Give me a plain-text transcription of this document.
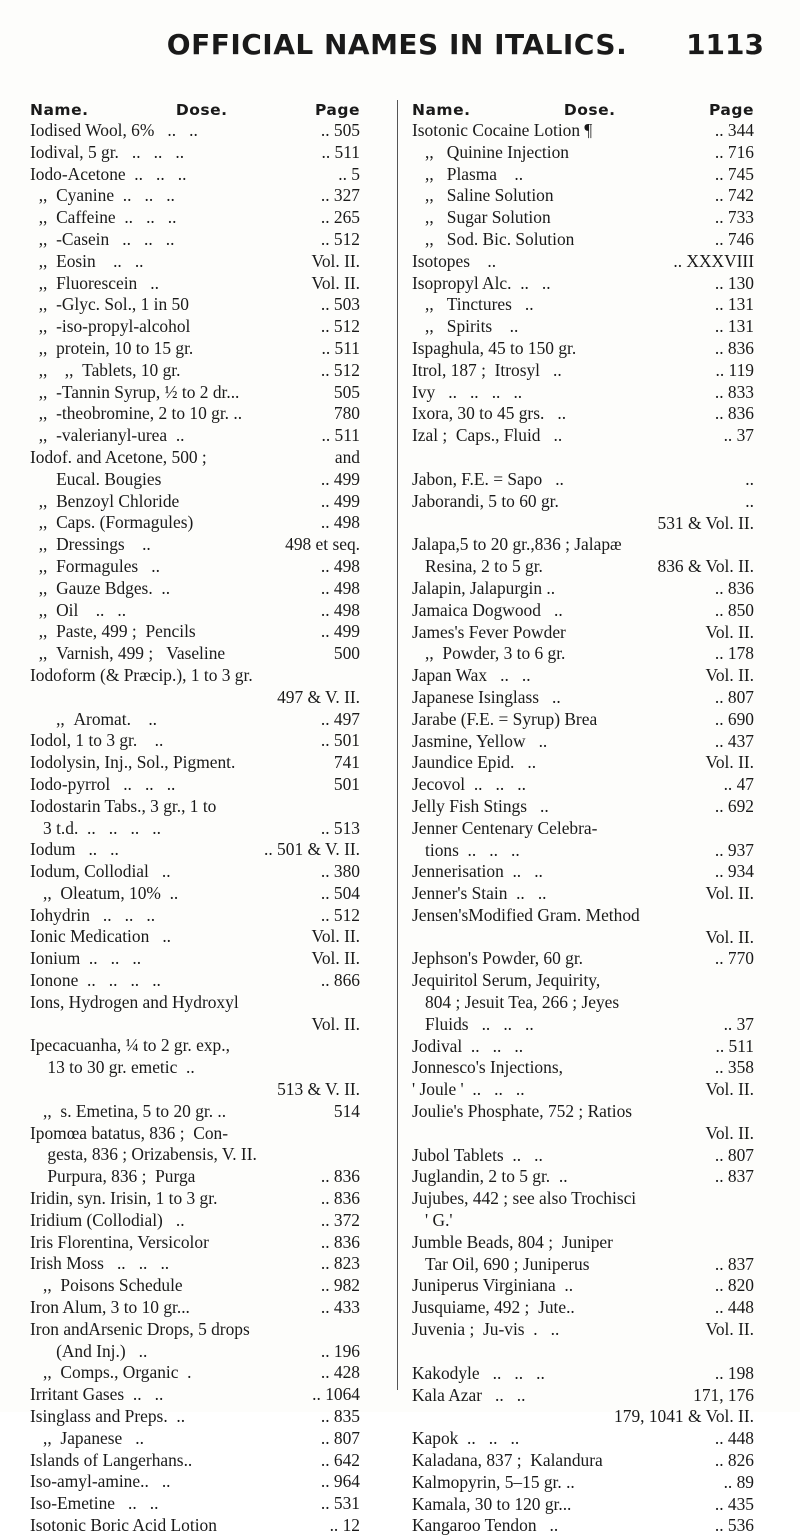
OFFICIAL NAMES IN ITALICS.	1113
Name.	Dose.	Page
Iodised Wool, 6%   ..   ..	.. 505
Iodival, 5 gr.   ..   ..   ..	.. 511
Iodo-Acetone  ..   ..   ..	.. 5
,,  Cyanine  ..   ..   ..	.. 327
,,  Caffeine  ..   ..   ..	.. 265
,,  -Casein   ..   ..   ..	.. 512
,,  Eosin    ..   ..	Vol. II.
,,  Fluorescein   ..	Vol. II.
,,  -Glyc. Sol., 1 in 50	.. 503
,,  -iso-propyl-alcohol	.. 512
,,  protein, 10 to 15 gr.	.. 511
,,    ,,  Tablets, 10 gr.	.. 512
,,  -Tannin Syrup, ½ to 2 dr...	505
,,  -theobromine, 2 to 10 gr. ..	780
,,  -valerianyl-urea  ..	.. 511
Iodof. and Acetone, 500 ;	and
Eucal. Bougies	.. 499
,,  Benzoyl Chloride	.. 499
,,  Caps. (Formagules)	.. 498
,,  Dressings    ..	498 et seq.
,,  Formagules   ..	.. 498
,,  Gauze Bdges.  ..	.. 498
,,  Oil    ..   ..	.. 498
,,  Paste, 499 ;  Pencils	.. 499
,,  Varnish, 499 ;   Vaseline	500
Iodoform (& Præcip.), 1 to 3 gr.
497 & V. II.
,,  Aromat.    ..	.. 497
Iodol, 1 to 3 gr.    ..	.. 501
Iodolysin, Inj., Sol., Pigment.	741
Iodo-pyrrol   ..   ..   ..	501
Iodostarin Tabs., 3 gr., 1 to
3 t.d.  ..   ..   ..   ..	.. 513
Iodum   ..   ..	.. 501 & V. II.
Iodum, Collodial   ..	.. 380
,,  Oleatum, 10%  ..	.. 504
Iohydrin   ..   ..   ..	.. 512
Ionic Medication   ..	Vol. II.
Ionium  ..   ..   ..	Vol. II.
Ionone  ..   ..   ..   ..	.. 866
Ions, Hydrogen and Hydroxyl
Vol. II.
Ipecacuanha, ¼ to 2 gr. exp.,
13 to 30 gr. emetic  ..
513 & V. II.
,,  s. Emetina, 5 to 20 gr. ..	514
Ipomœa batatus, 836 ;  Con-
gesta, 836 ; Orizabensis, V. II.
Purpura, 836 ;  Purga	.. 836
Iridin, syn. Irisin, 1 to 3 gr.	.. 836
Iridium (Collodial)   ..	.. 372
Iris Florentina, Versicolor	.. 836
Irish Moss   ..   ..   ..	.. 823
,,  Poisons Schedule	.. 982
Iron Alum, 3 to 10 gr...	.. 433
Iron andArsenic Drops, 5 drops
(And Inj.)   ..	.. 196
,,  Comps., Organic  .	.. 428
Irritant Gases  ..   ..	.. 1064
Isinglass and Preps.  ..	.. 835
,,  Japanese   ..	.. 807
Islands of Langerhans..	.. 642
Iso-amyl-amine..   ..	.. 964
Iso-Emetine   ..   ..	.. 531
Isotonic Boric Acid Lotion	.. 12
Name.	Dose.	Page
Isotonic Cocaine Lotion ¶	.. 344
,,   Quinine Injection	.. 716
,,   Plasma    ..	.. 745
,,   Saline Solution	.. 742
,,   Sugar Solution	.. 733
,,   Sod. Bic. Solution	.. 746
Isotopes    ..	.. XXXVIII
Isopropyl Alc.  ..   ..	.. 130
,,   Tinctures   ..	.. 131
,,   Spirits    ..	.. 131
Ispaghula, 45 to 150 gr.	.. 836
Itrol, 187 ;  Itrosyl   ..	.. 119
Ivy   ..   ..   ..   ..	.. 833
Ixora, 30 to 45 grs.   ..	.. 836
Izal ;  Caps., Fluid   ..	.. 37
Jabon, F.E. = Sapo   ..	..
Jaborandi, 5 to 60 gr.	..
531 & Vol. II.
Jalapa,5 to 20 gr.,836 ; Jalapæ
Resina, 2 to 5 gr.	836 & Vol. II.
Jalapin, Jalapurgin ..	.. 836
Jamaica Dogwood   ..	.. 850
James's Fever Powder	Vol. II.
,,  Powder, 3 to 6 gr.	.. 178
Japan Wax   ..   ..	Vol. II.
Japanese Isinglass   ..	.. 807
Jarabe (F.E. = Syrup) Brea	.. 690
Jasmine, Yellow   ..	.. 437
Jaundice Epid.   ..	Vol. II.
Jecovol  ..   ..   ..	.. 47
Jelly Fish Stings   ..	.. 692
Jenner Centenary Celebra-
tions  ..   ..   ..	.. 937
Jennerisation  ..   ..	.. 934
Jenner's Stain  ..   ..	Vol. II.
Jensen'sModified Gram. Method
Vol. II.
Jephson's Powder, 60 gr.	.. 770
Jequiritol Serum, Jequirity,
804 ; Jesuit Tea, 266 ; Jeyes
Fluids   ..   ..   ..	.. 37
Jodival  ..   ..   ..	.. 511
Jonnesco's Injections,	.. 358
' Joule '  ..   ..   ..	Vol. II.
Joulie's Phosphate, 752 ; Ratios
Vol. II.
Jubol Tablets  ..   ..	.. 807
Juglandin, 2 to 5 gr.  ..	.. 837
Jujubes, 442 ; see also Trochisci
' G.'
Jumble Beads, 804 ;  Juniper
Tar Oil, 690 ; Juniperus	.. 837
Juniperus Virginiana  ..	.. 820
Jusquiame, 492 ;  Jute..	.. 448
Juvenia ;  Ju-vis  .   ..	Vol. II.
Kakodyle   ..   ..   ..	.. 198
Kala Azar   ..   ..	171, 176
179, 1041 & Vol. II.
Kapok  ..   ..   ..	.. 448
Kaladana, 837 ;  Kalandura	.. 826
Kalmopyrin, 5–15 gr. ..	.. 89
Kamala, 30 to 120 gr...	.. 435
Kangaroo Tendon   ..	.. 536
